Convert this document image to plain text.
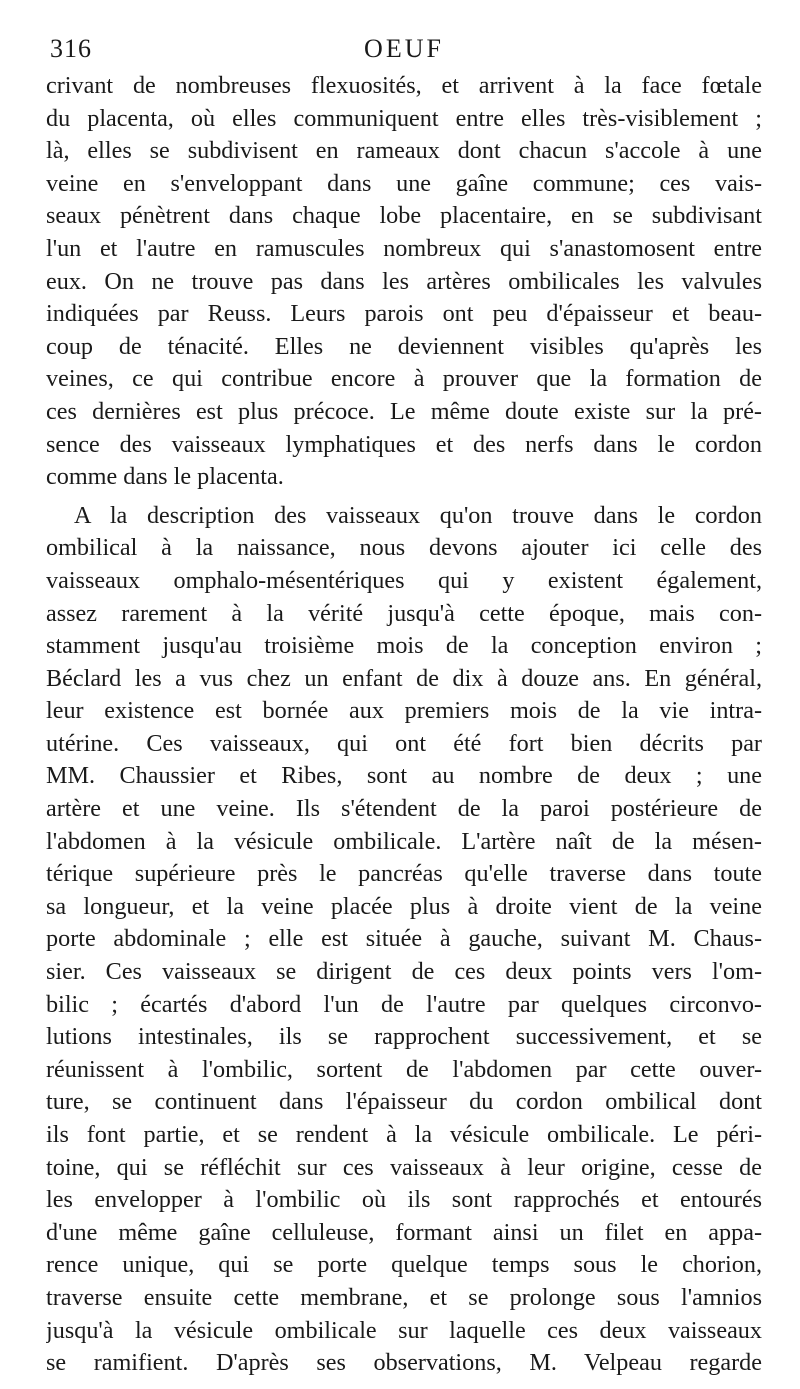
316	OEUF
crivant de nombreuses flexuosités, et arrivent à la face fœtale
du placenta, où elles communiquent entre elles très-visiblement ;
là, elles se subdivisent en rameaux dont chacun s'accole à une
veine en s'enveloppant dans une gaîne commune; ces vais-
seaux pénètrent dans chaque lobe placentaire, en se subdivisant
l'un et l'autre en ramuscules nombreux qui s'anastomosent entre
eux. On ne trouve pas dans les artères ombilicales les valvules
indiquées par Reuss. Leurs parois ont peu d'épaisseur et beau-
coup de ténacité. Elles ne deviennent visibles qu'après les
veines, ce qui contribue encore à prouver que la formation de
ces dernières est plus précoce. Le même doute existe sur la pré-
sence des vaisseaux lymphatiques et des nerfs dans le cordon
comme dans le placenta.
A la description des vaisseaux qu'on trouve dans le cordon
ombilical à la naissance, nous devons ajouter ici celle des
vaisseaux omphalo-mésentériques qui y existent également,
assez rarement à la vérité jusqu'à cette époque, mais con-
stamment jusqu'au troisième mois de la conception environ ;
Béclard les a vus chez un enfant de dix à douze ans. En général,
leur existence est bornée aux premiers mois de la vie intra-
utérine. Ces vaisseaux, qui ont été fort bien décrits par
MM. Chaussier et Ribes, sont au nombre de deux ; une
artère et une veine. Ils s'étendent de la paroi postérieure de
l'abdomen à la vésicule ombilicale. L'artère naît de la mésen-
térique supérieure près le pancréas qu'elle traverse dans toute
sa longueur, et la veine placée plus à droite vient de la veine
porte abdominale ; elle est située à gauche, suivant M. Chaus-
sier. Ces vaisseaux se dirigent de ces deux points vers l'om-
bilic ; écartés d'abord l'un de l'autre par quelques circonvo-
lutions intestinales, ils se rapprochent successivement, et se
réunissent à l'ombilic, sortent de l'abdomen par cette ouver-
ture, se continuent dans l'épaisseur du cordon ombilical dont
ils font partie, et se rendent à la vésicule ombilicale. Le péri-
toine, qui se réfléchit sur ces vaisseaux à leur origine, cesse de
les envelopper à l'ombilic où ils sont rapprochés et entourés
d'une même gaîne celluleuse, formant ainsi un filet en appa-
rence unique, qui se porte quelque temps sous le chorion,
traverse ensuite cette membrane, et se prolonge sous l'amnios
jusqu'à la vésicule ombilicale sur laquelle ces deux vaisseaux
se ramifient. D'après ses observations, M. Velpeau regarde
